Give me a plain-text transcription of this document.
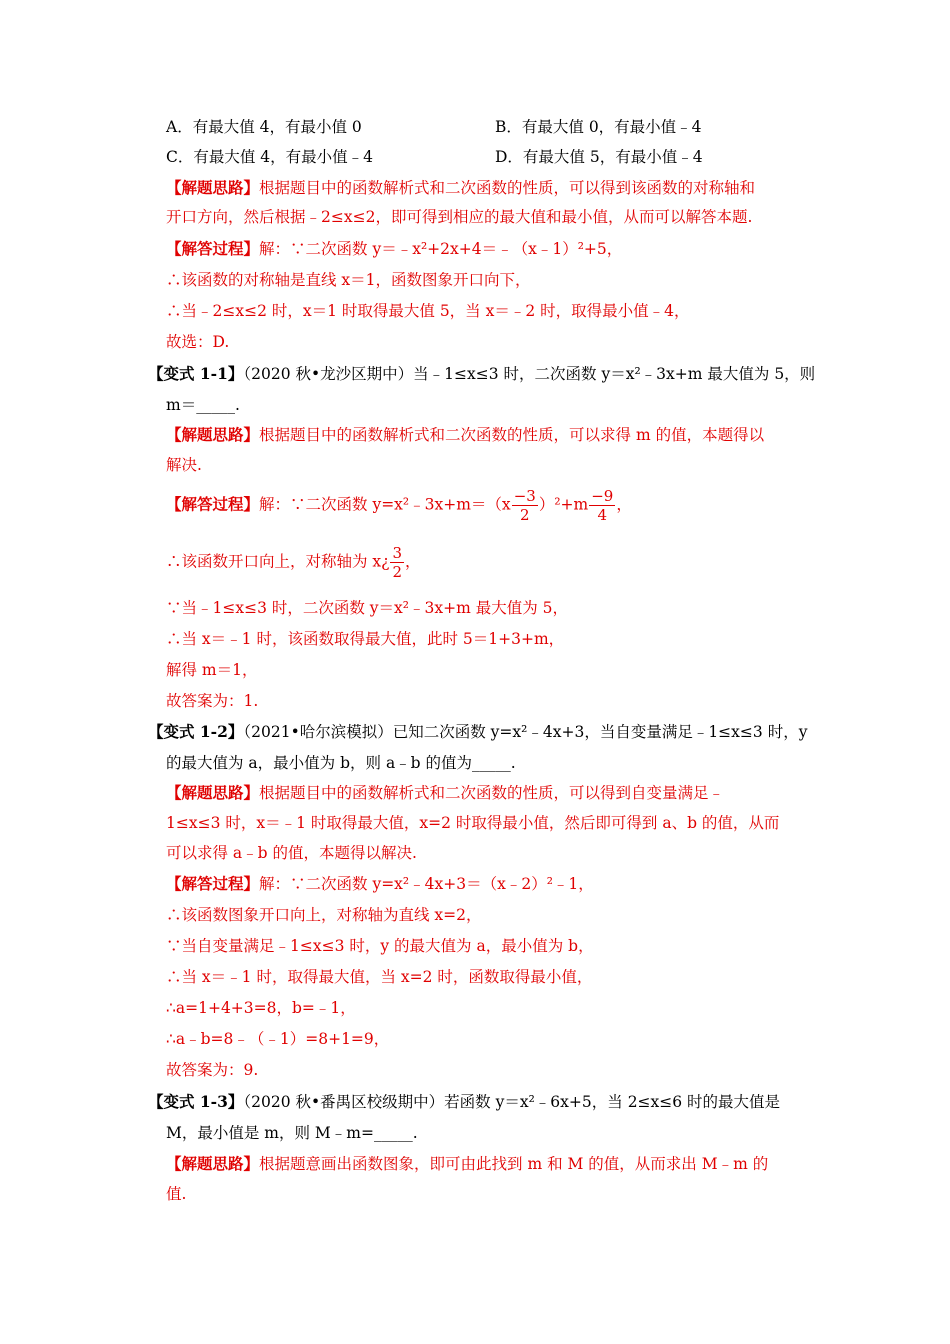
A．有最大值 4，有最小值 0	B．有最大值 0，有最小值﹣4
C．有最大值 4，有最小值﹣4	D．有最大值 5，有最小值﹣4
【解题思路】根据题目中的函数解析式和二次函数的性质，可以得到该函数的对称轴和
开口方向，然后根据﹣2≤x≤2，即可得到相应的最大值和最小值，从而可以解答本题.
【解答过程】解：∵二次函数 y＝﹣x²+2x+4＝﹣（x﹣1）²+5，
∴该函数的对称轴是直线 x＝1，函数图象开口向下，
∴当﹣2≤x≤2 时，x＝1 时取得最大值 5，当 x＝﹣2 时，取得最小值﹣4，
故选：D.
【变式 1-1】（2020 秋•龙沙区期中）当﹣1≤x≤3 时，二次函数 y＝x²﹣3x+m 最大值为 5，则
m＝_____.
【解题思路】根据题目中的函数解析式和二次函数的性质，可以求得 m 的值，本题得以
解决.
【解答过程】解：∵二次函数 y=x²﹣3x+m＝（x $\frac{-3}{2} )^2+m \frac{-9}{4}$ ，
∴该函数开口向上，对称轴为 x¿ $\frac{3}{2}$ ，
∵当﹣1≤x≤3 时，二次函数 y＝x²﹣3x+m 最大值为 5，
∴当 x＝﹣1 时，该函数取得最大值，此时 5＝1+3+m，
解得 m＝1，
故答案为：1.
【变式 1-2】（2021•哈尔滨模拟）已知二次函数 y=x²﹣4x+3，当自变量满足﹣1≤x≤3 时，y
的最大值为 a，最小值为 b，则 a﹣b 的值为_____.
【解题思路】根据题目中的函数解析式和二次函数的性质，可以得到自变量满足﹣
1≤x≤3 时，x＝﹣1 时取得最大值，x=2 时取得最小值，然后即可得到 a、b 的值，从而
可以求得 a﹣b 的值，本题得以解决.
【解答过程】解：∵二次函数 y=x²﹣4x+3＝（x﹣2）²﹣1，
∴该函数图象开口向上，对称轴为直线 x=2，
∵当自变量满足﹣1≤x≤3 时，y 的最大值为 a，最小值为 b，
∴当 x＝﹣1 时，取得最大值，当 x=2 时，函数取得最小值，
∴a=1+4+3=8，b=﹣1，
∴a﹣b=8﹣（﹣1）=8+1=9，
故答案为：9.
【变式 1-3】（2020 秋•番禺区校级期中）若函数 y＝x²﹣6x+5，当 2≤x≤6 时的最大值是
M，最小值是 m，则 M﹣m=_____.
【解题思路】根据题意画出函数图象，即可由此找到 m 和 M 的值，从而求出 M﹣m 的
值.
